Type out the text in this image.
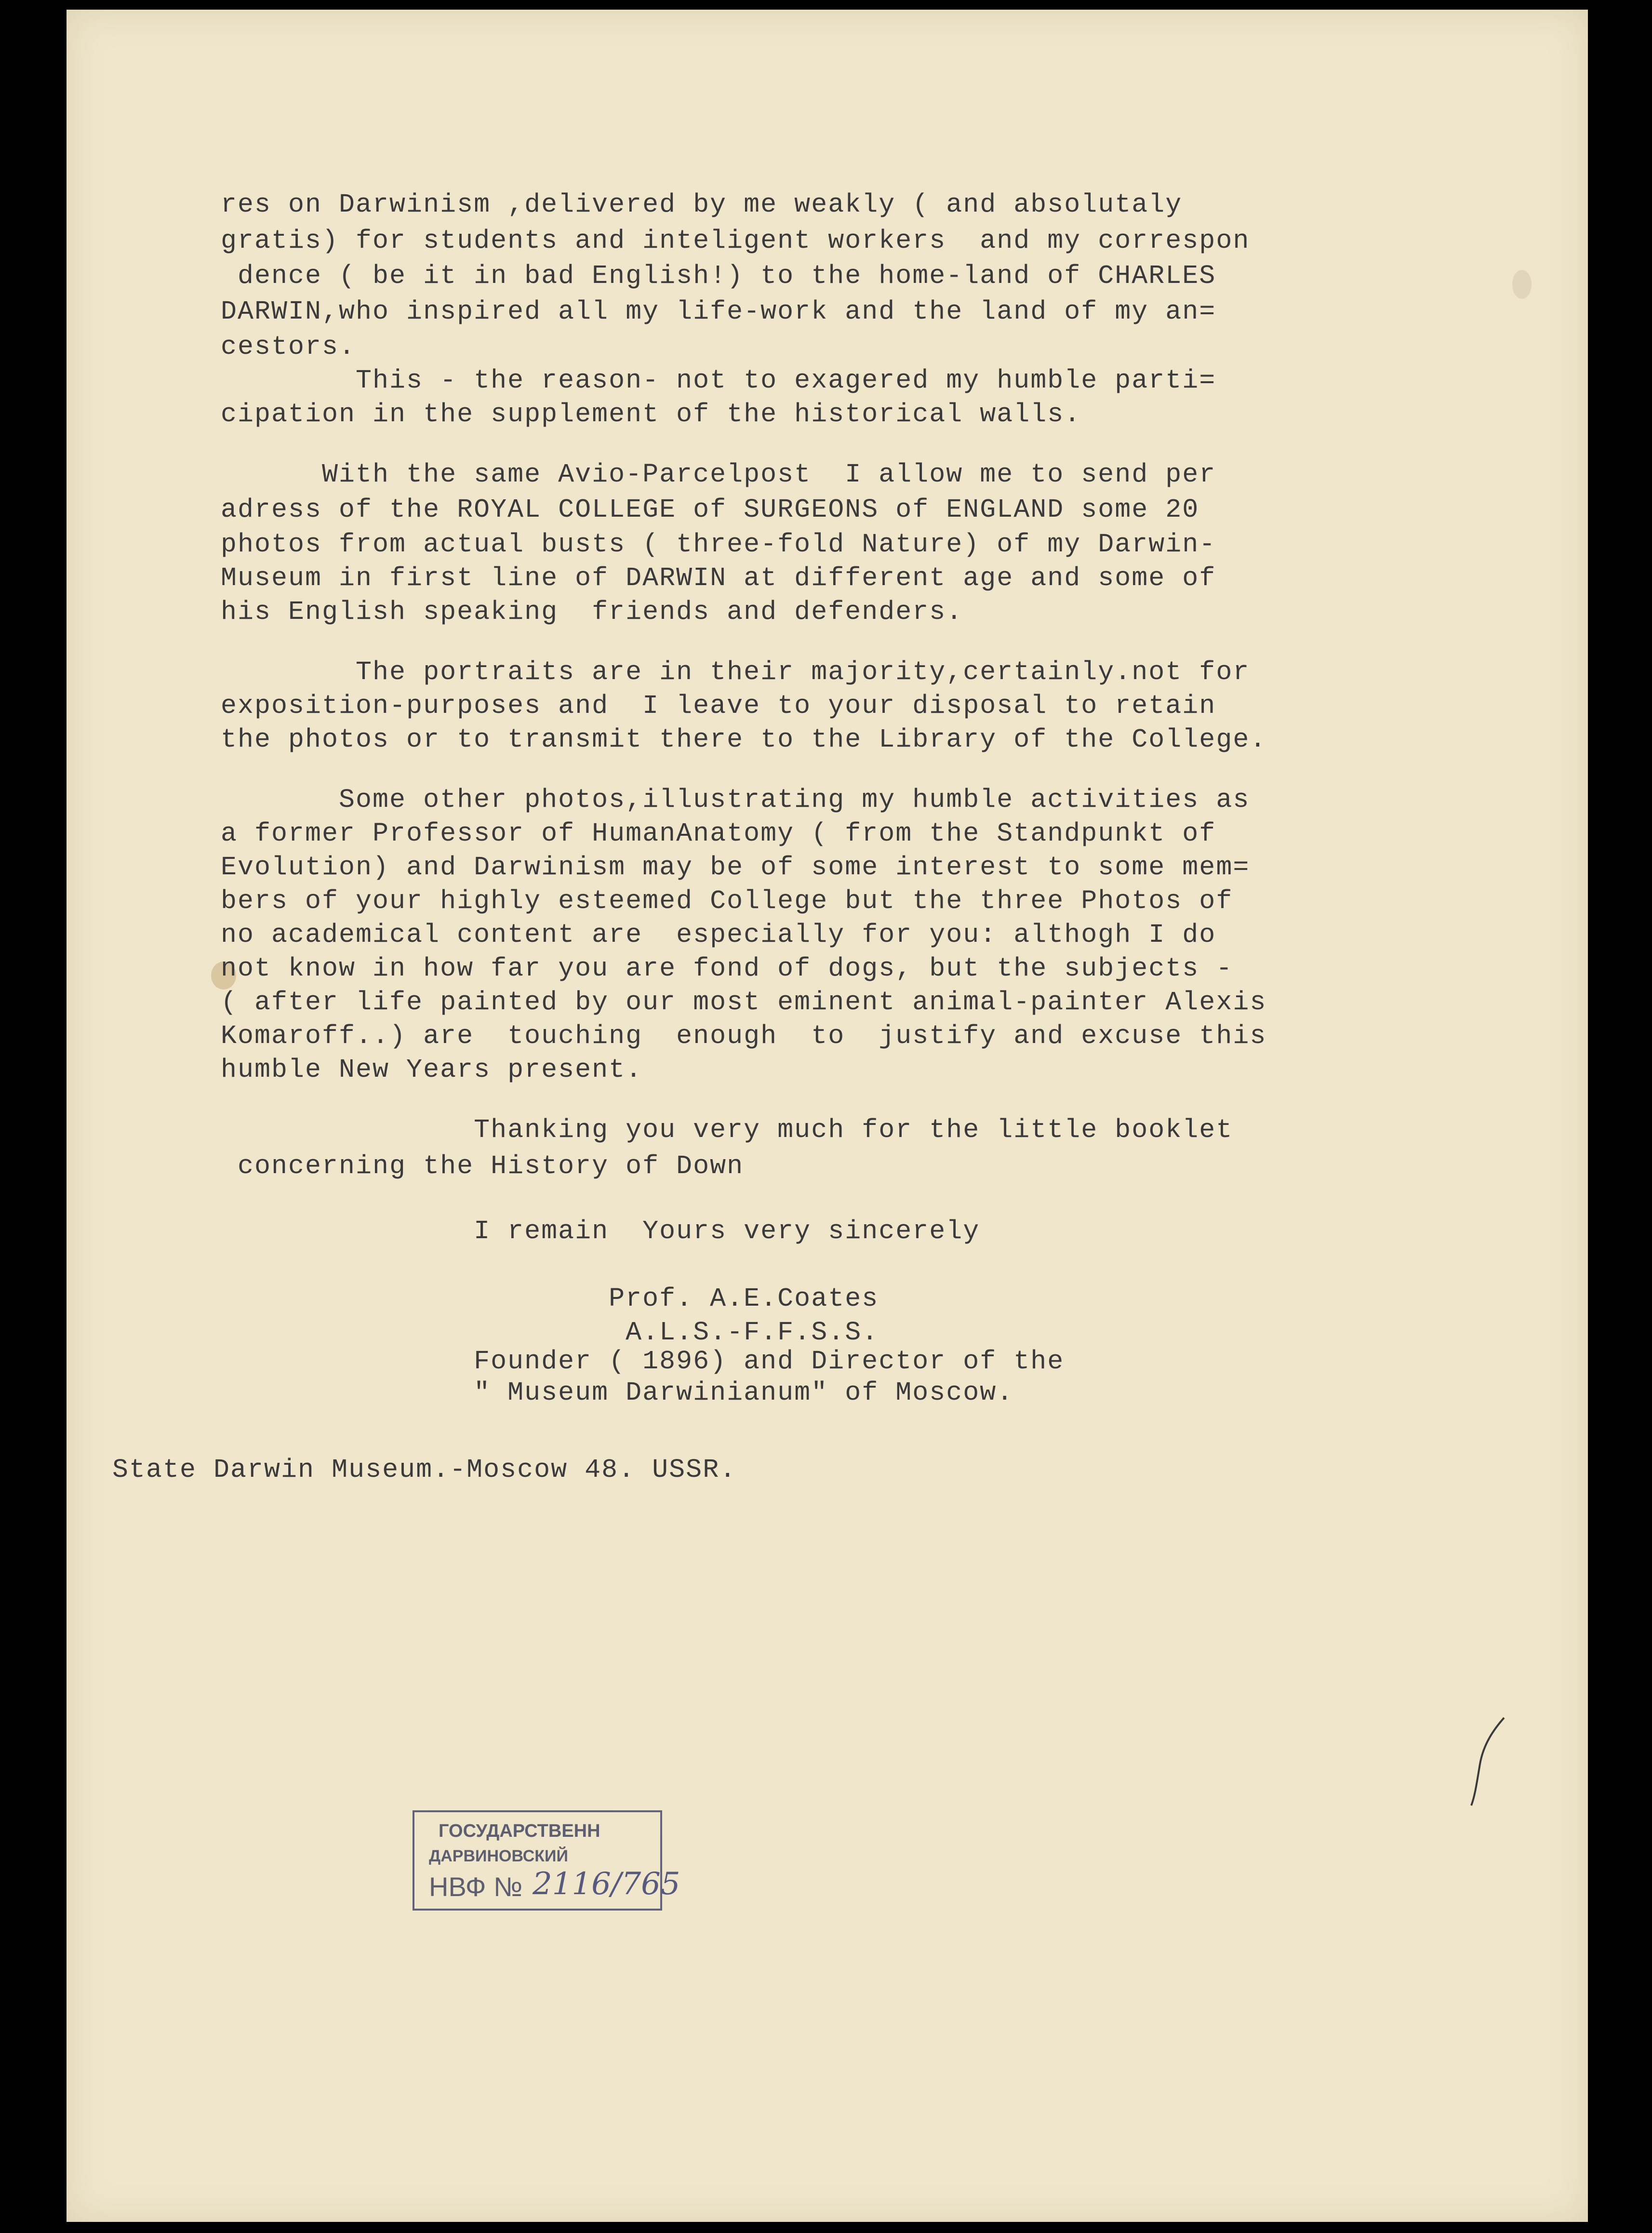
res on Darwinism ,delivered by me weakly ( and absolutaly
gratis) for students and inteligent workers  and my correspon
dence ( be it in bad English!) to the home-land of CHARLES
DARWIN,who inspired all my life-work and the land of my an=
cestors.
This - the reason- not to exagered my humble parti=
cipation in the supplement of the historical walls.
With the same Avio-Parcelpost  I allow me to send per
adress of the ROYAL COLLEGE of SURGEONS of ENGLAND some 20
photos from actual busts ( three-fold Nature) of my Darwin-
Museum in first line of DARWIN at different age and some of
his English speaking  friends and defenders.
The portraits are in their majority,certainly.not for
exposition-purposes and  I leave to your disposal to retain
the photos or to transmit there to the Library of the College.
Some other photos,illustrating my humble activities as
a former Professor of HumanAnatomy ( from the Standpunkt of
Evolution) and Darwinism may be of some interest to some mem=
bers of your highly esteemed College but the three Photos of
no academical content are  especially for you: althogh I do
not know in how far you are fond of dogs, but the subjects -
( after life painted by our most eminent animal-painter Alexis
Komaroff..) are  touching  enough  to  justify and excuse this
humble New Years present.
Thanking you very much for the little booklet
concerning the History of Down
I remain  Yours very sincerely
Prof. A.E.Coates
A.L.S.-F.F.S.S.
Founder ( 1896) and Director of the
" Museum Darwinianum" of Moscow.
State Darwin Museum.-Moscow 48. USSR.
ГОСУДАРСТВЕНН
ДАРВИНОВСКИЙ
НВФ № 2116/765
